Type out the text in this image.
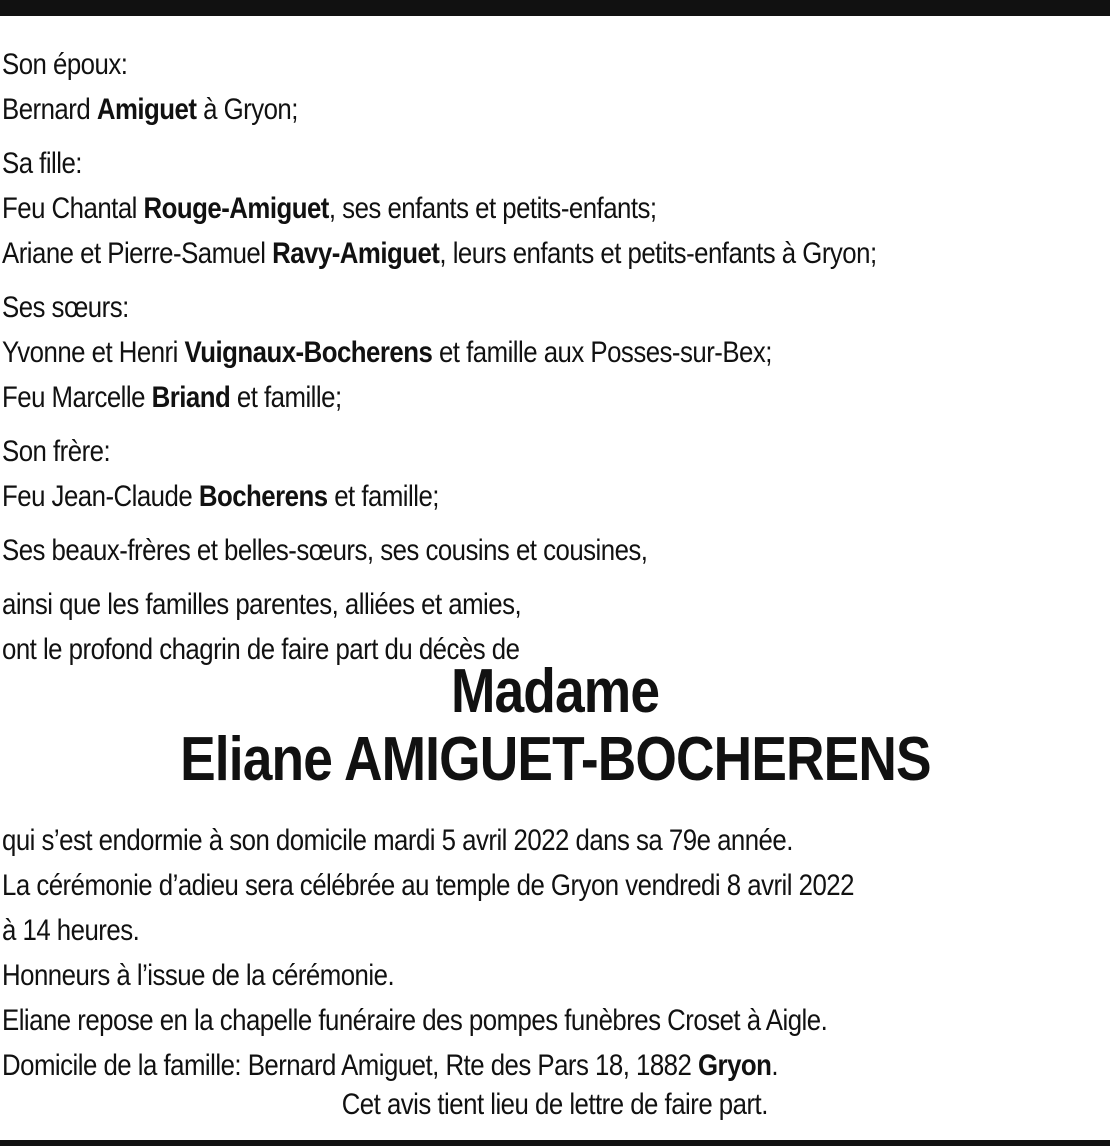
Son époux:
Bernard Amiguet à Gryon;
Sa fille:
Feu Chantal Rouge-Amiguet, ses enfants et petits-enfants;
Ariane et Pierre-Samuel Ravy-Amiguet, leurs enfants et petits-enfants à Gryon;
Ses sœurs:
Yvonne et Henri Vuignaux-Bocherens et famille aux Posses-sur-Bex;
Feu Marcelle Briand et famille;
Son frère:
Feu Jean-Claude Bocherens et famille;
Ses beaux-frères et belles-sœurs, ses cousins et cousines,
ainsi que les familles parentes, alliées et amies,
ont le profond chagrin de faire part du décès de
Madame
Eliane AMIGUET-BOCHERENS
qui s’est endormie à son domicile mardi 5 avril 2022 dans sa 79e année.
La cérémonie d’adieu sera célébrée au temple de Gryon vendredi 8 avril 2022
à 14 heures.
Honneurs à l’issue de la cérémonie.
Eliane repose en la chapelle funéraire des pompes funèbres Croset à Aigle.
Domicile de la famille: Bernard Amiguet, Rte des Pars 18, 1882 Gryon.
Cet avis tient lieu de lettre de faire part.
